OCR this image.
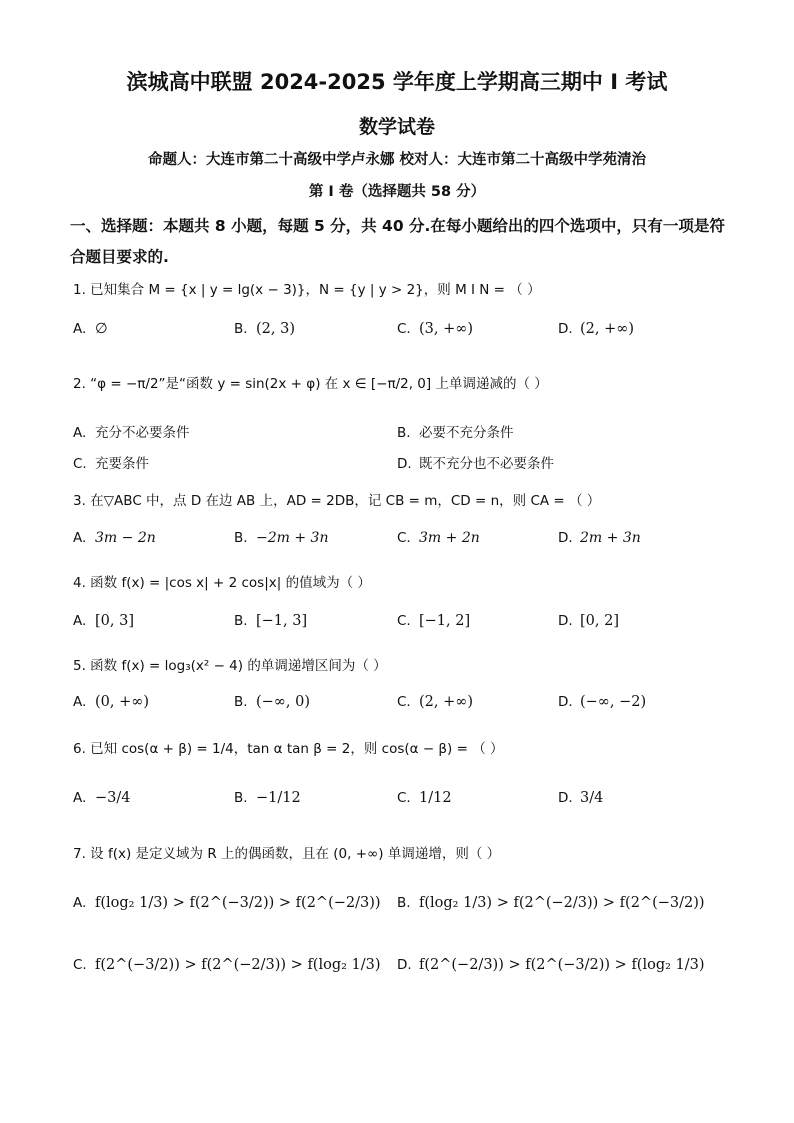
滨城高中联盟 2024-2025 学年度上学期高三期中 Ⅰ 考试
数学试卷
命题人：大连市第二十高级中学卢永娜 校对人：大连市第二十高级中学苑清治
第 I 卷（选择题共 58 分）
一、选择题：本题共 8 小题，每题 5 分，共 40 分.在每小题给出的四个选项中，只有一项是符合题目要求的.
1. 已知集合 M = {x | y = lg(x − 3)}，N = {y | y > 2}，则 M Ⅰ N = （ ）
A. ∅	B. (2, 3)	C. (3, +∞)	D. (2, +∞)
2. “φ = −π/2”是“函数 y = sin(2x + φ) 在 x ∈ [−π/2, 0] 上单调递减的（ ）
A. 充分不必要条件	B. 必要不充分条件
C. 充要条件	D. 既不充分也不必要条件
3. 在▽ABC 中，点 D 在边 AB 上，AD = 2DB，记 CB = m，CD = n，则 CA = （ ）
A. 3m − 2n	B. −2m + 3n	C. 3m + 2n	D. 2m + 3n
4. 函数 f(x) = |cos x| + 2 cos|x| 的值域为（ ）
A. [0, 3]	B. [−1, 3]	C. [−1, 2]	D. [0, 2]
5. 函数 f(x) = log₃(x² − 4) 的单调递增区间为（ ）
A. (0, +∞)	B. (−∞, 0)	C. (2, +∞)	D. (−∞, −2)
6. 已知 cos(α + β) = 1/4，tan α tan β = 2，则 cos(α − β) = （ ）
A. −3/4	B. −1/12	C. 1/12	D. 3/4
7. 设 f(x) 是定义域为 R 上的偶函数，且在 (0, +∞) 单调递增，则（ ）
A. f(log₂ 1/3) > f(2^(−3/2)) > f(2^(−2/3)) B. f(log₂ 1/3) > f(2^(−2/3)) > f(2^(−3/2))
C. f(2^(−3/2)) > f(2^(−2/3)) > f(log₂ 1/3) D. f(2^(−2/3)) > f(2^(−3/2)) > f(log₂ 1/3)
